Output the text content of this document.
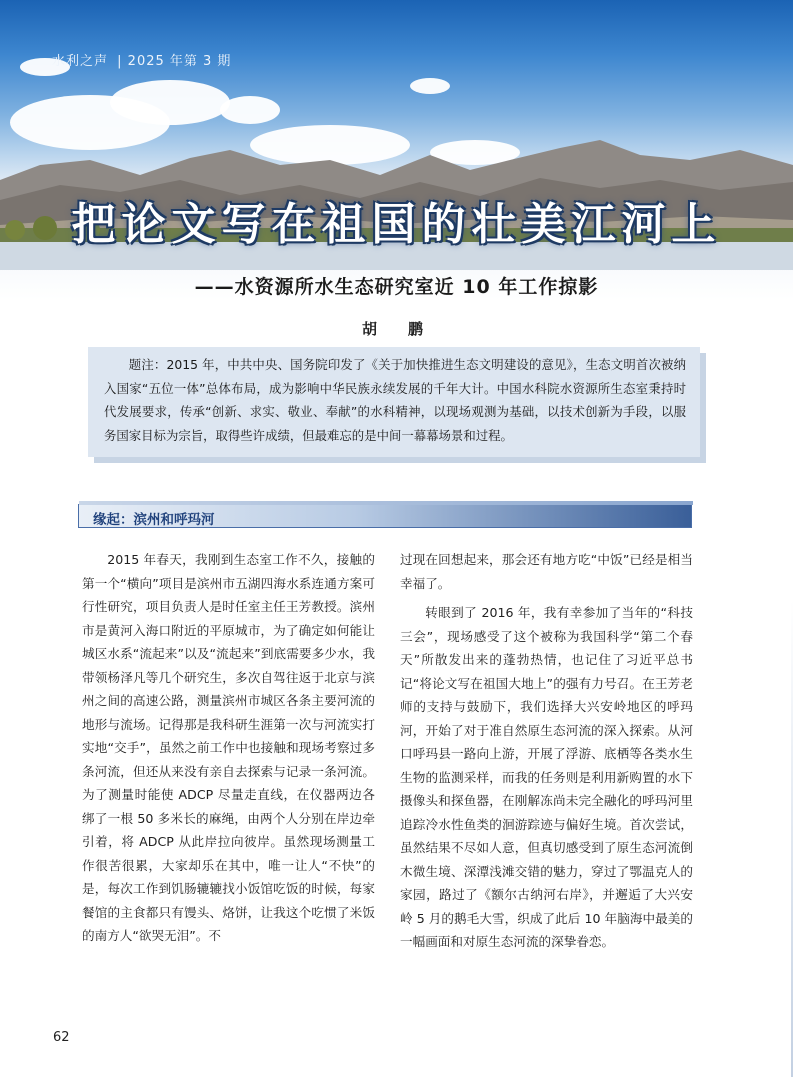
水利之声 | 2025 年第 3 期
把论文写在祖国的壮美江河上
——水资源所水生态研究室近 10 年工作掠影
胡　鹏
题注：2015 年，中共中央、国务院印发了《关于加快推进生态文明建设的意见》，生态文明首次被纳入国家“五位一体”总体布局，成为影响中华民族永续发展的千年大计。中国水科院水资源所生态室秉持时代发展要求，传承“创新、求实、敬业、奉献”的水科精神，以现场观测为基础，以技术创新为手段，以服务国家目标为宗旨，取得些许成绩，但最难忘的是中间一幕幕场景和过程。
缘起：滨州和呼玛河

2015 年春天，我刚到生态室工作不久，接触的第一个“横向”项目是滨州市五湖四海水系连通方案可行性研究，项目负责人是时任室主任王芳教授。滨州市是黄河入海口附近的平原城市，为了确定如何能让城区水系“流起来”以及“流起来”到底需要多少水，我带领杨泽凡等几个研究生，多次自驾往返于北京与滨州之间的高速公路，测量滨州市城区各条主要河流的地形与流场。记得那是我科研生涯第一次与河流实打实地“交手”，虽然之前工作中也接触和现场考察过多条河流，但还从来没有亲自去探索与记录一条河流。为了测量时能使 ADCP 尽量走直线，在仪器两边各绑了一根 50 多米长的麻绳，由两个人分别在岸边牵引着，将 ADCP 从此岸拉向彼岸。虽然现场测量工作很苦很累，大家却乐在其中，唯一让人“不快”的是，每次工作到饥肠辘辘找小饭馆吃饭的时候，每家餐馆的主食都只有馒头、烙饼，让我这个吃惯了米饭的南方人“欲哭无泪”。不

过现在回想起来，那会还有地方吃“中饭”已经是相当幸福了。

转眼到了 2016 年，我有幸参加了当年的“科技三会”，现场感受了这个被称为我国科学“第二个春天”所散发出来的蓬勃热情，也记住了习近平总书记“将论文写在祖国大地上”的强有力号召。在王芳老师的支持与鼓励下，我们选择大兴安岭地区的呼玛河，开始了对于准自然原生态河流的深入探索。从河口呼玛县一路向上游，开展了浮游、底栖等各类水生生物的监测采样，而我的任务则是利用新购置的水下摄像头和探鱼器，在刚解冻尚未完全融化的呼玛河里追踪冷水性鱼类的洄游踪迹与偏好生境。首次尝试，虽然结果不尽如人意，但真切感受到了原生态河流倒木微生境、深潭浅滩交错的魅力，穿过了鄂温克人的家园，路过了《额尔古纳河右岸》，并邂逅了大兴安岭 5 月的鹅毛大雪，织成了此后 10 年脑海中最美的一幅画面和对原生态河流的深挚眷恋。

62
